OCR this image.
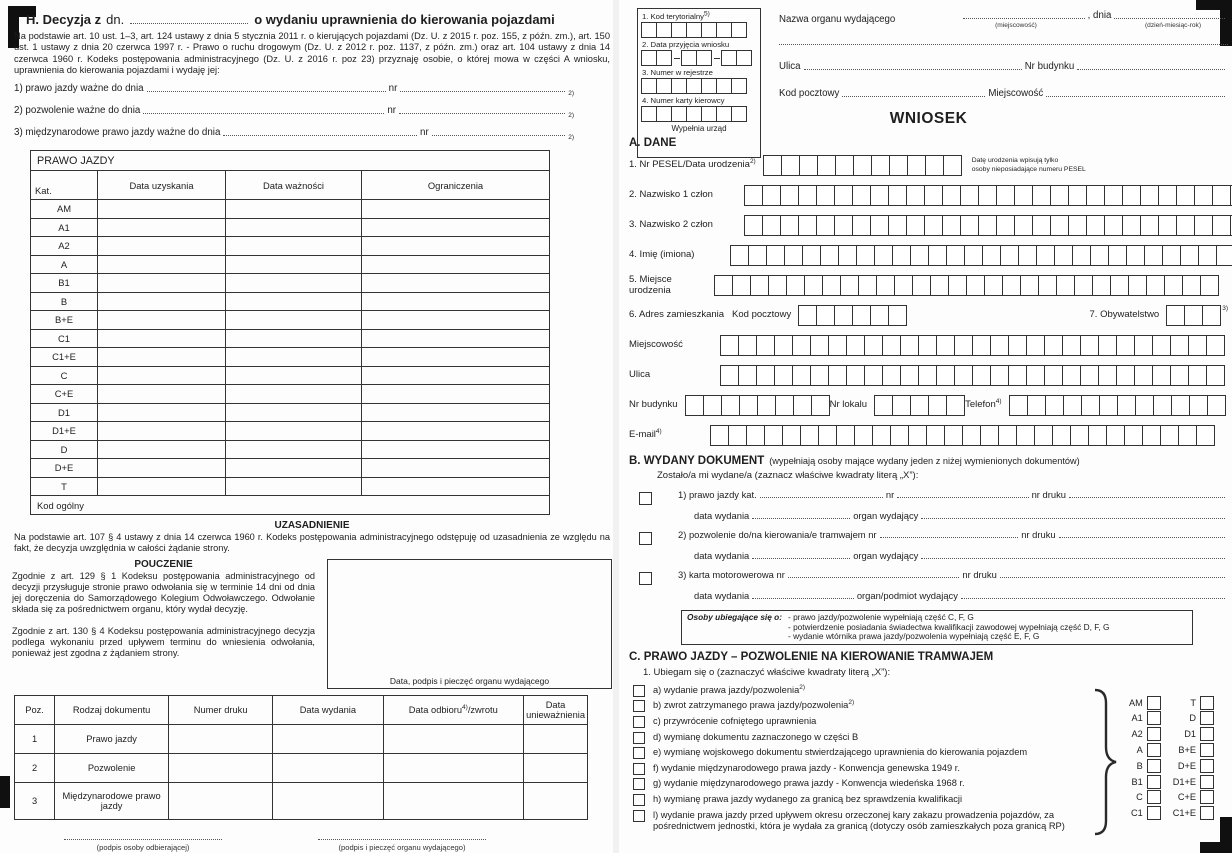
H. Decyzja z dn.	o wydaniu uprawnienia do kierowania pojazdami

Na podstawie art. 10 ust. 1–3, art. 124 ustawy z dnia 5 stycznia 2011 r. o kierujących pojazdami (Dz. U. z 2015 r. poz. 155, z późn. zm.), art. 150 ust. 1 ustawy z dnia 20 czerwca 1997 r. - Prawo o ruchu drogowym (Dz. U. z 2012 r. poz. 1137, z późn. zm.) oraz art. 104 ustawy z dnia 14 czerwca 1960 r. Kodeks postępowania administracyjnego (Dz. U. z 2016 r. poz 23) przyznaję osobie, o której mowa w części A wniosku, uprawnienia do kierowania pojazdami i wydaję jej:

1) prawo jazdy ważne do dnia	nr	2)
2) pozwolenie ważne do dnia	nr	2)
3) międzynarodowe prawo jazdy ważne do dnia	nr	2)
PRAWO JAZDY			
Kat.	Data uzyskania	Data ważności	Ograniczenia
AM			
A1			
A2			
A			
B1			
B			
B+E			
C1			
C1+E			
C			
C+E			
D1			
D1+E			
D			
D+E			
T			
Kod ogólny			
UZASADNIENIE

Na podstawie art. 107 § 4 ustawy z dnia 14 czerwca 1960 r. Kodeks postępowania administracyjnego odstępuję od uzasadnienia ze względu na fakt, że decyzja uwzględnia w całości żądanie strony.

POUCZENIE

Zgodnie z art. 129 § 1 Kodeksu postępowania administracyjnego od decyzji przysługuje stronie prawo odwołania się w terminie 14 dni od dnia jej doręczenia do Samorządowego Kolegium Odwoławczego. Odwołanie składa się za pośrednictwem organu, który wydał decyzję.

Zgodnie z art. 130 § 4 Kodeksu postępowania administracyjnego decyzja podlega wykonaniu przed upływem terminu do wniesienia odwołania, ponieważ jest zgodna z żądaniem strony.

Data, podpis i pieczęć organu wydającego
Poz.	Rodzaj dokumentu	Numer druku	Data wydania	Data odbioru$^{4)}$/zwrotu	Data unieważnienia
1	Prawo jazdy				
2	Pozwolenie				
3	Międzynarodowe prawo jazdy				
(podpis osoby odbierającej)	(podpis i pieczęć organu wydającego)
1. Kod terytorialny$^{5)}$
2. Data przyjęcia wniosku
3. Numer w rejestrze
4. Numer karty kierowcy
Wypełnia urząd
Nazwa organu wydającego	, dnia
(miejscowość)	(dzień-miesiąc-rok)
Ulica	Nr budynku
Kod pocztowy	Miejscowość
WNIOSEK
A. DANE
1. Nr PESEL/Data urodzenia$^{2)}$	Datę urodzenia wpisują tylko
osoby nieposiadające numeru PESEL
2. Nazwisko 1 człon
3. Nazwisko 2 człon
4. Imię (imiona)
5. Miejsce
urodzenia
6. Adres zamieszkania Kod pocztowy	7. Obywatelstwo
3)
Miejscowość
Ulica
Nr budynku	Nr lokalu	Telefon$^{4)}$
E-mail$^{4)}$
B. WYDANY DOKUMENT (wypełniają osoby mające wydany jeden z niżej wymienionych dokumentów)
Zostało/a mi wydane/a (zaznacz właściwe kwadraty literą „X”):
1) prawo jazdy kat.	nr	nr druku
data wydania	organ wydający
2) pozwolenie do/na kierowania/e tramwajem nr	nr druku
data wydania	organ wydający
3) karta motorowerowa nr	nr druku
data wydania	organ/podmiot wydający
Osoby ubiegające się o: - prawo jazdy/pozwolenie wypełniają część C, F, G
- potwierdzenie posiadania świadectwa kwalifikacji zawodowej wypełniają część D, F, G
- wydanie wtórnika prawa jazdy/pozwolenia wypełniają część E, F, G
C. PRAWO JAZDY – POZWOLENIE NA KIEROWANIE TRAMWAJEM
1. Ubiegam się o (zaznaczyć właściwe kwadraty literą „X”):
a) wydanie prawa jazdy/pozwolenia$^{2)}$
b) zwrot zatrzymanego prawa jazdy/pozwolenia$^{2)}$
c) przywrócenie cofniętego uprawnienia
d) wymianę dokumentu zaznaczonego w części B
e) wymianę wojskowego dokumentu stwierdzającego uprawnienia do kierowania pojazdem
f) wydanie międzynarodowego prawa jazdy - Konwencja genewska 1949 r.
g) wydanie międzynarodowego prawa jazdy - Konwencja wiedeńska 1968 r.
h) wymianę prawa jazdy wydanego za granicą bez sprawdzenia kwalifikacji
l) wydanie prawa jazdy przed upływem okresu orzeczonej kary zakazu prowadzenia pojazdów, za pośrednictwem jednostki, która je wydała za granicą (dotyczy osób zamieszkałych poza granicą RP)
AM
A1
A2
A
B
B1
C
C1
T
D
D1
B+E
D+E
D1+E
C+E
C1+E
